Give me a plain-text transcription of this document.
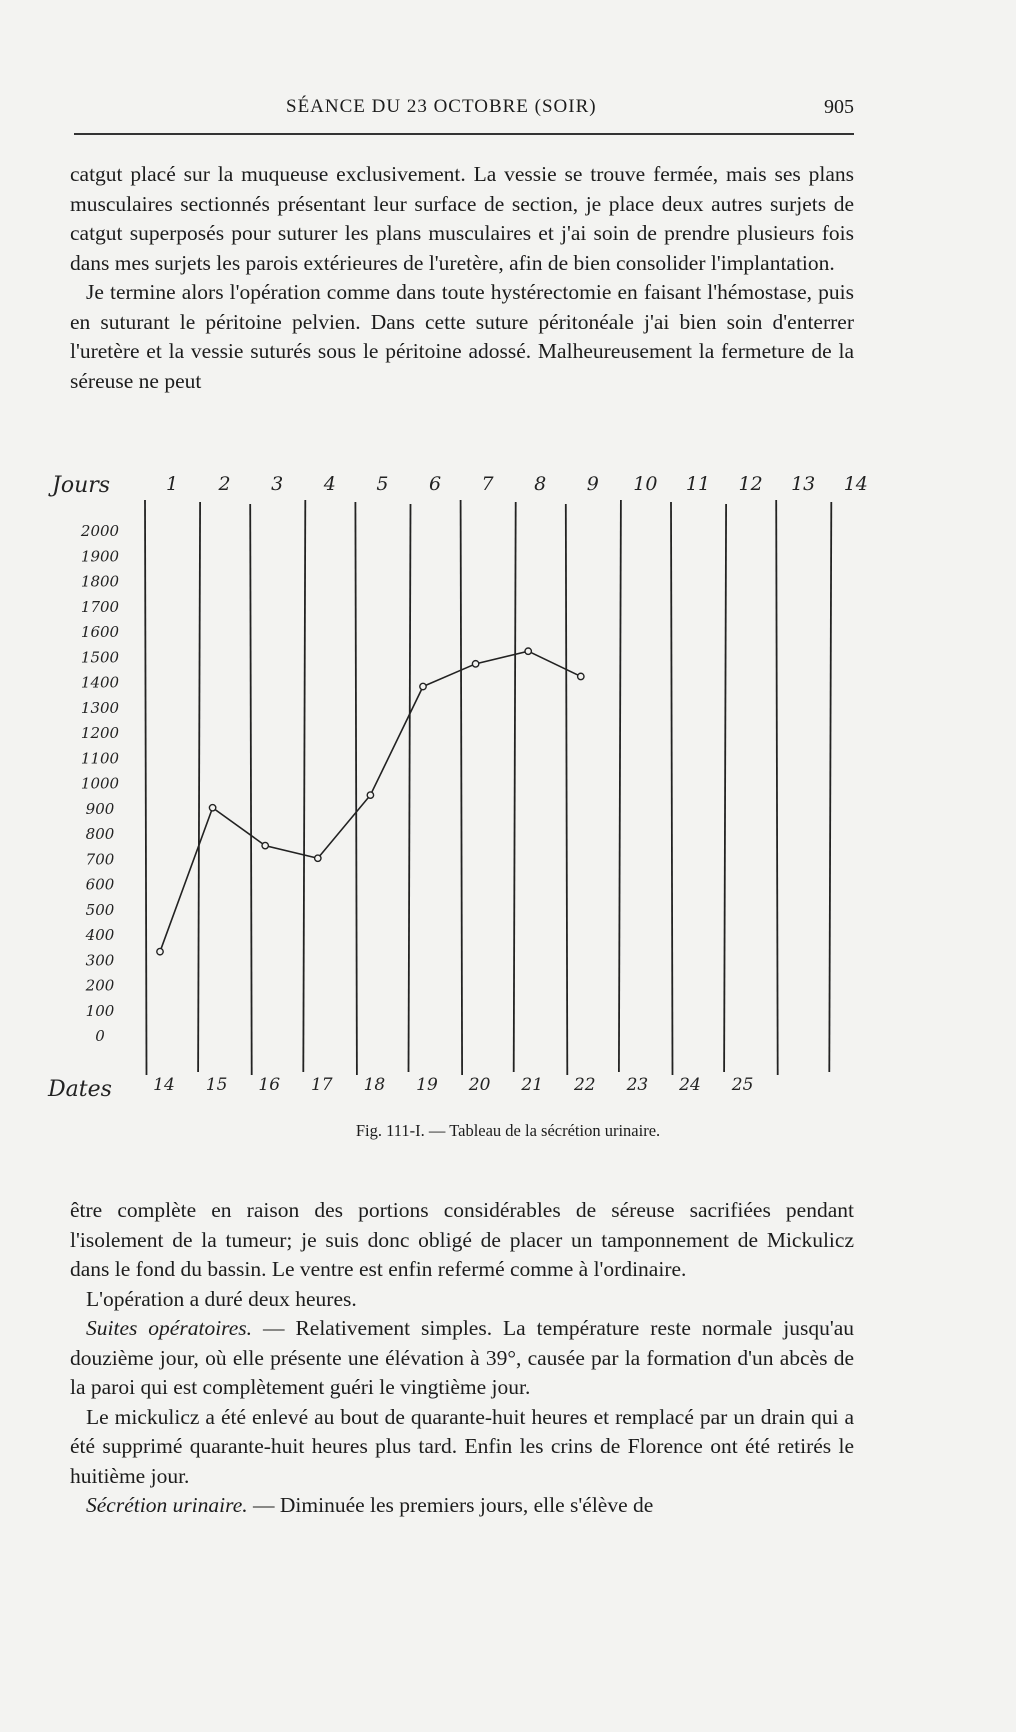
SÉANCE DU 23 OCTOBRE (SOIR)	905

catgut placé sur la muqueuse exclusivement. La vessie se trouve fermée, mais ses plans musculaires sectionnés présentant leur surface de section, je place deux autres surjets de catgut superposés pour suturer les plans musculaires et j'ai soin de prendre plusieurs fois dans mes surjets les parois extérieures de l'uretère, afin de bien consolider l'implantation.

Je termine alors l'opération comme dans toute hystérectomie en faisant l'hémostase, puis en suturant le péritoine pelvien. Dans cette suture péritonéale j'ai bien soin d'enterrer l'uretère et la vessie suturés sous le péritoine adossé. Malheureusement la fermeture de la séreuse ne peut

Jours	1 2 3 4 5 6 7 8 9 10 11 12 13 14
2000
1900
1800
1700
1600
1500
1400
1300
1200
1100
1000
900
800
700
600
500
400
300
200
100
0
Dates 14 15 16 17 18 19 20 21 22 23 24 25
Fig. 111-I. — Tableau de la sécrétion urinaire.

être complète en raison des portions considérables de séreuse sacrifiées pendant l'isolement de la tumeur; je suis donc obligé de placer un tamponnement de Mickulicz dans le fond du bassin. Le ventre est enfin refermé comme à l'ordinaire.

L'opération a duré deux heures.

Suites opératoires. — Relativement simples. La température reste normale jusqu'au douzième jour, où elle présente une élévation à 39°, causée par la formation d'un abcès de la paroi qui est complètement guéri le vingtième jour.

Le mickulicz a été enlevé au bout de quarante-huit heures et remplacé par un drain qui a été supprimé quarante-huit heures plus tard. Enfin les crins de Florence ont été retirés le huitième jour.

Sécrétion urinaire. — Diminuée les premiers jours, elle s'élève de
